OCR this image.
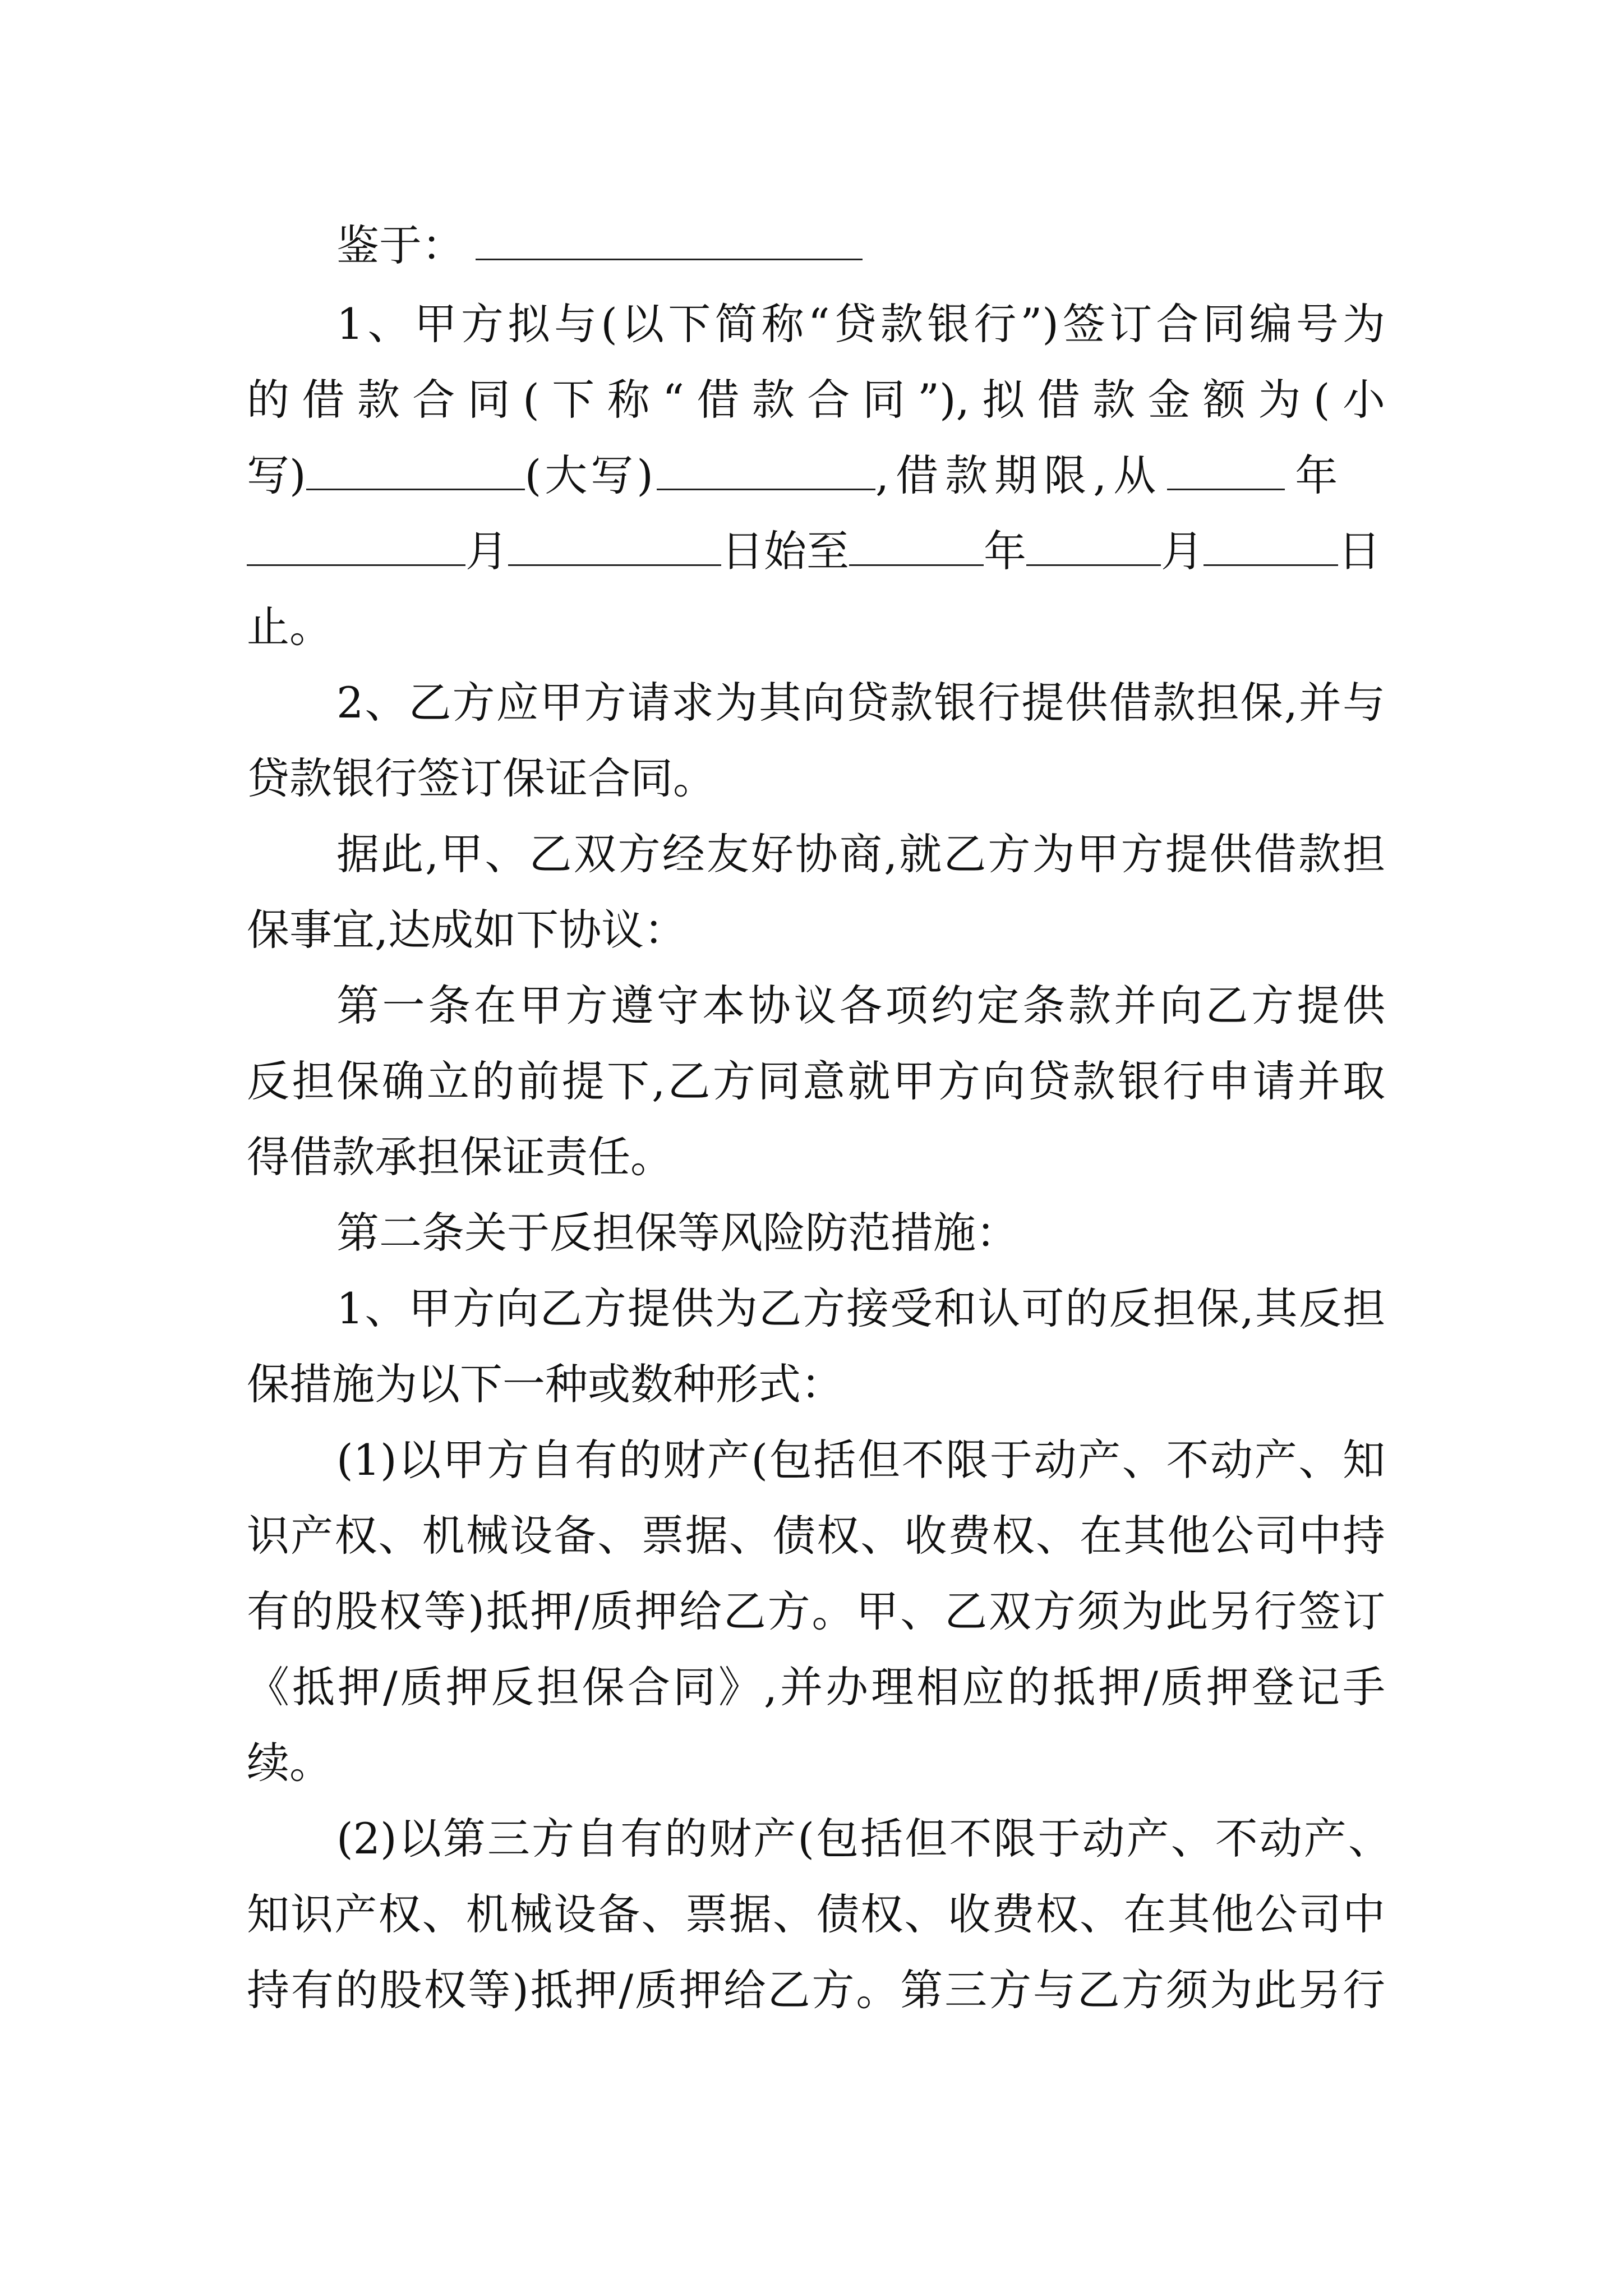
鉴于：
1、甲方拟与(以下简称“贷款银行”)签订合同编号为
的借款合同(下称“借款合同”),拟借款金额为(小
写)	(大写)	,借款期限,从	年
月	日始至	年	月	日
止。
2、乙方应甲方请求为其向贷款银行提供借款担保,并与
贷款银行签订保证合同。
据此,甲、乙双方经友好协商,就乙方为甲方提供借款担
保事宜,达成如下协议：
第一条在甲方遵守本协议各项约定条款并向乙方提供
反担保确立的前提下,乙方同意就甲方向贷款银行申请并取
得借款承担保证责任。
第二条关于反担保等风险防范措施：
1、甲方向乙方提供为乙方接受和认可的反担保,其反担
保措施为以下一种或数种形式：
(1)以甲方自有的财产(包括但不限于动产、不动产、知
识产权、机械设备、票据、债权、收费权、在其他公司中持
有的股权等)抵押/质押给乙方。甲、乙双方须为此另行签订
《抵押/质押反担保合同》,并办理相应的抵押/质押登记手
续。
(2)以第三方自有的财产(包括但不限于动产、不动产、
知识产权、机械设备、票据、债权、收费权、在其他公司中
持有的股权等)抵押/质押给乙方。第三方与乙方须为此另行
